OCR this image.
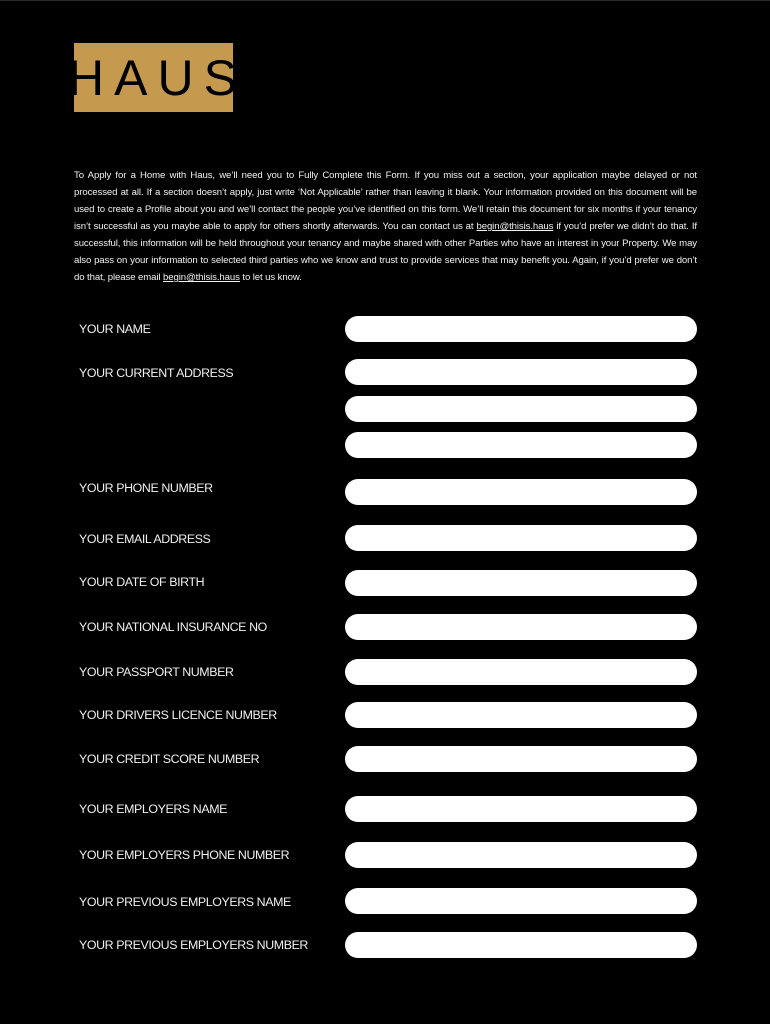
HAUS
To Apply for a Home with Haus, we’ll need you to Fully Complete this Form. If you miss out a section, your application maybe delayed or not processed at all. If a section doesn’t apply, just write ‘Not Applicable’ rather than leaving it blank. Your information provided on this document will be used to create a Profile about you and we’ll contact the people you’ve identified on this form. We’ll retain this document for six months if your tenancy isn’t successful as you maybe able to apply for others shortly afterwards. You can contact us at begin@thisis.haus if you’d prefer we didn’t do that. If successful, this information will be held throughout your tenancy and maybe shared with other Parties who have an interest in your Property. We may also pass on your information to selected third parties who we know and trust to provide services that may benefit you. Again, if you’d prefer we don’t do that, please email begin@thisis.haus to let us know.
YOUR NAME
YOUR CURRENT ADDRESS
YOUR PHONE NUMBER
YOUR EMAIL ADDRESS
YOUR DATE OF BIRTH
YOUR NATIONAL INSURANCE NO
YOUR PASSPORT NUMBER
YOUR DRIVERS LICENCE NUMBER
YOUR CREDIT SCORE NUMBER
YOUR EMPLOYERS NAME
YOUR EMPLOYERS PHONE NUMBER
YOUR PREVIOUS EMPLOYERS NAME
YOUR PREVIOUS EMPLOYERS NUMBER
